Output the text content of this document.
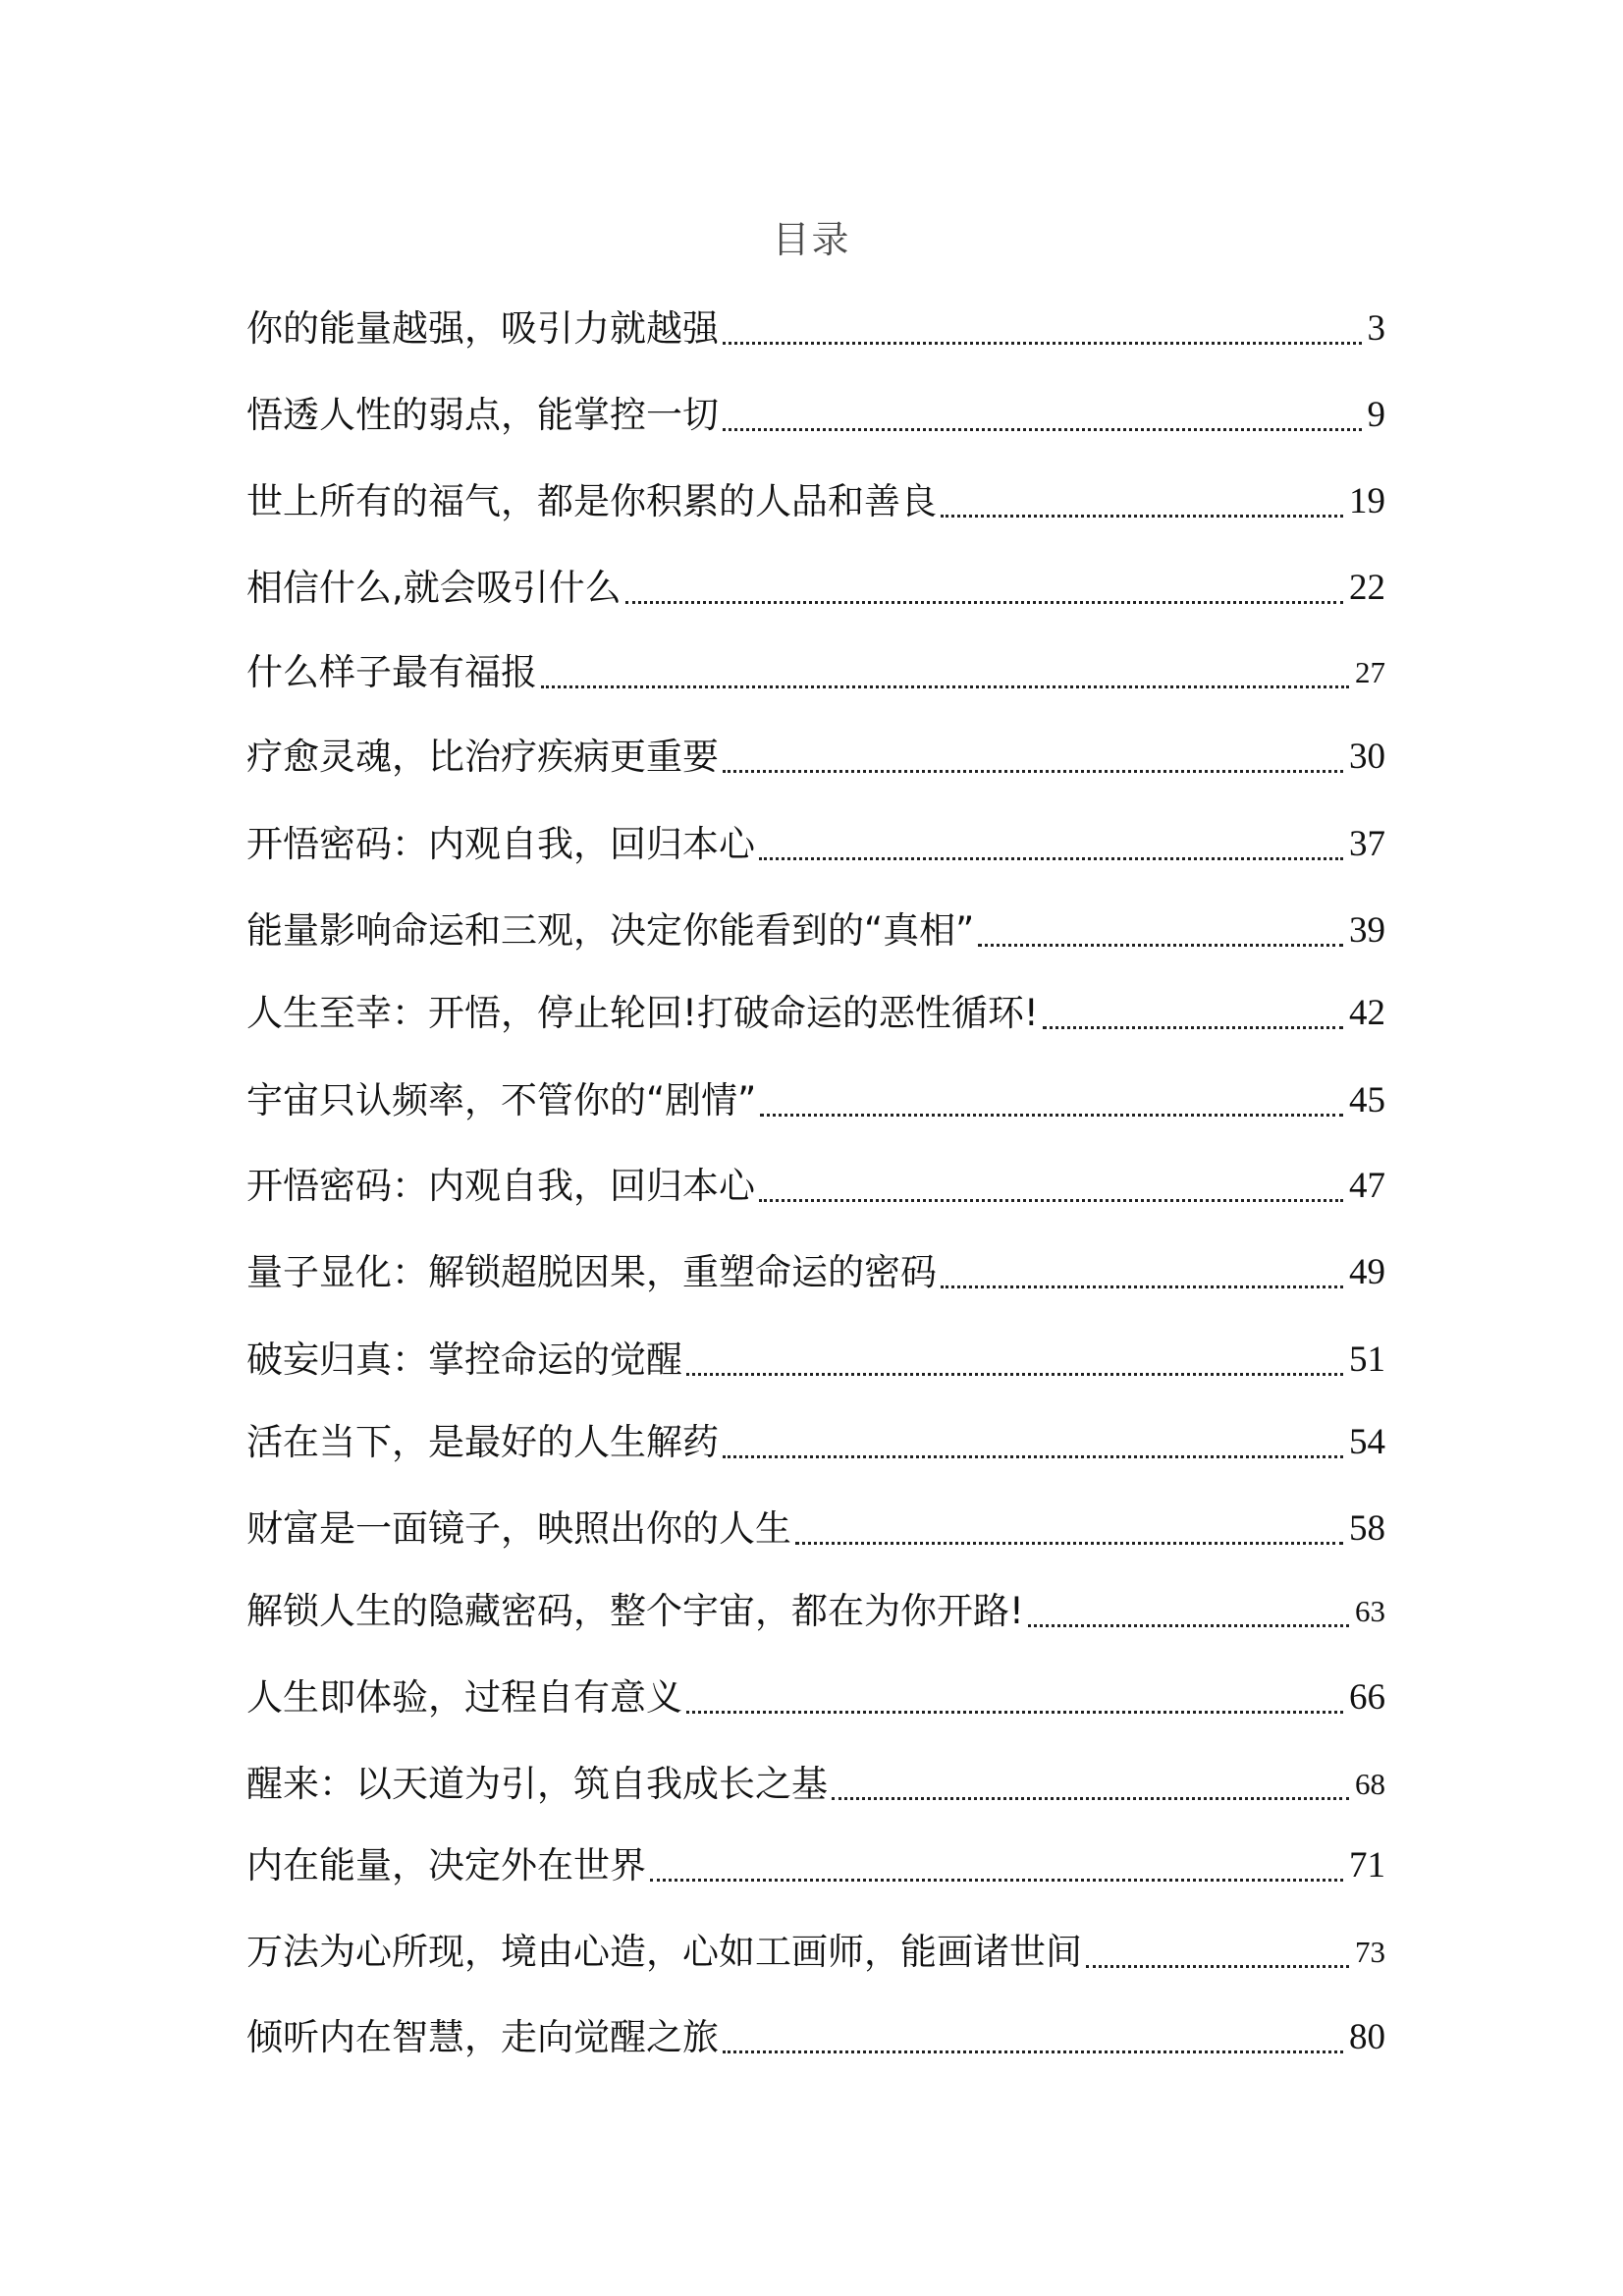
目录
你的能量越强，吸引力就越强	3
悟透人性的弱点，能掌控一切	9
世上所有的福气，都是你积累的人品和善良	19
相信什么,就会吸引什么	22
什么样子最有福报	27
疗愈灵魂，比治疗疾病更重要	30
开悟密码：内观自我，回归本心	37
能量影响命运和三观，决定你能看到的“真相”	39
人生至幸：开悟，停止轮回!打破命运的恶性循环!	42
宇宙只认频率，不管你的“剧情”	45
开悟密码：内观自我，回归本心	47
量子显化：解锁超脱因果，重塑命运的密码	49
破妄归真：掌控命运的觉醒	51
活在当下，是最好的人生解药	54
财富是一面镜子，映照出你的人生	58
解锁人生的隐藏密码，整个宇宙，都在为你开路!	63
人生即体验，过程自有意义	66
醒来：以天道为引，筑自我成长之基	68
内在能量，决定外在世界	71
万法为心所现，境由心造，心如工画师，能画诸世间	73
倾听内在智慧，走向觉醒之旅	80
